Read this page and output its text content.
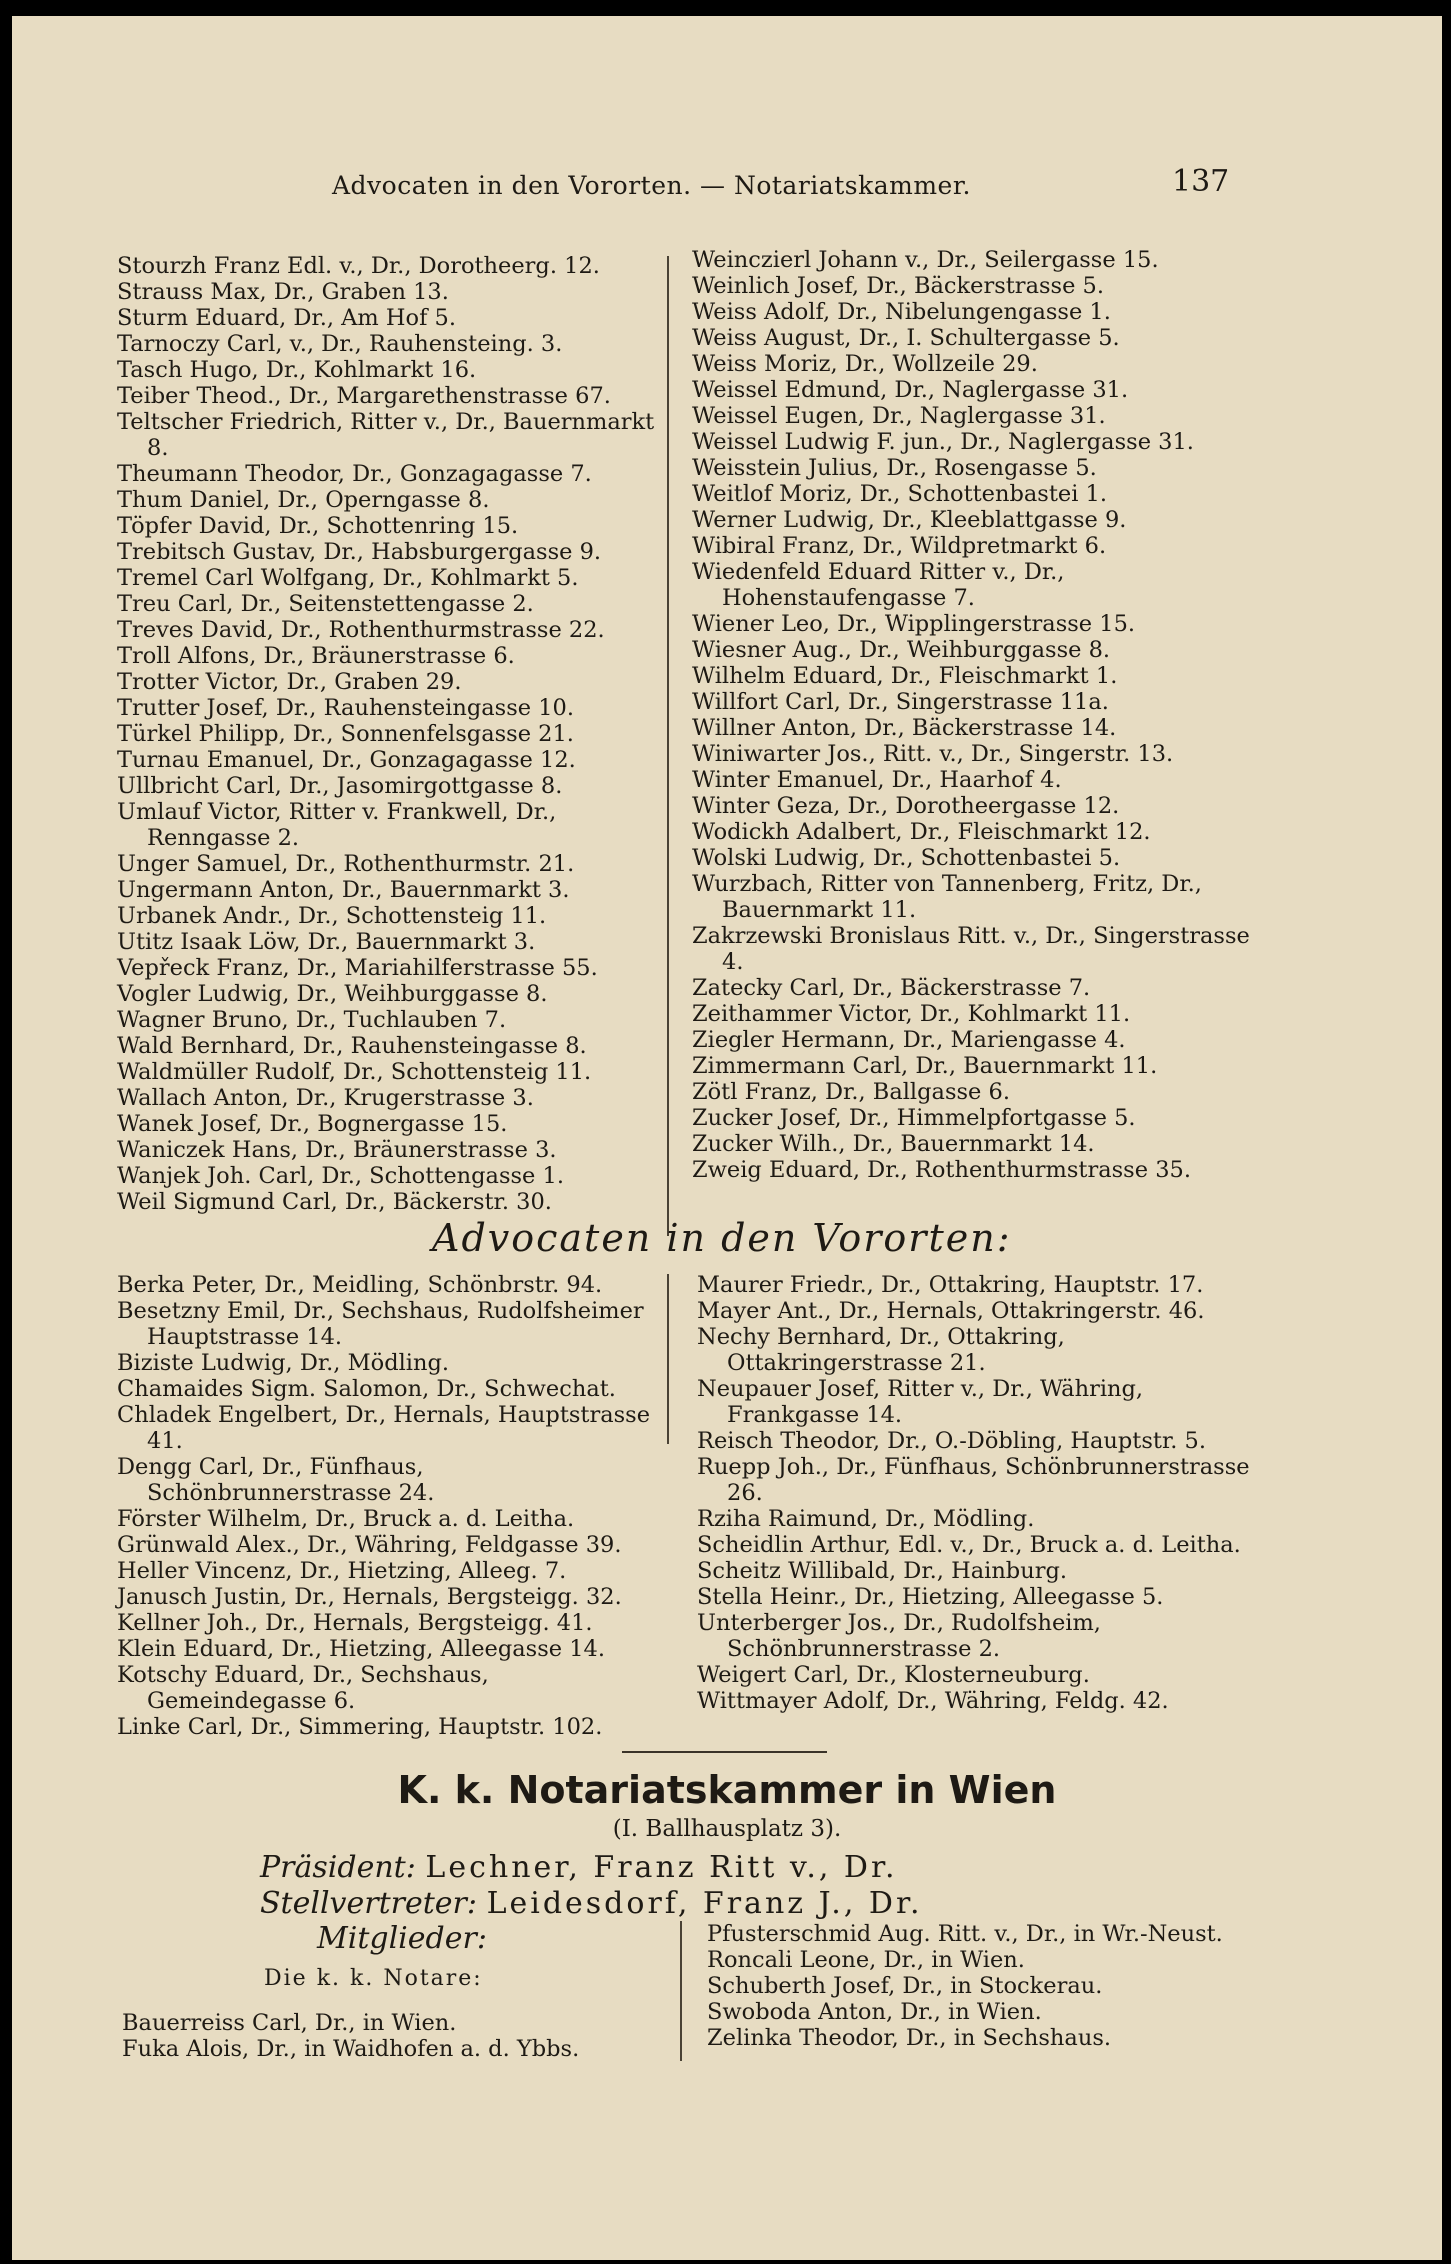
Advocaten in den Vororten. — Notariatskammer.	137
Stourzh Franz Edl. v., Dr., Dorotheerg. 12.
Strauss Max, Dr., Graben 13.
Sturm Eduard, Dr., Am Hof 5.
Tarnoczy Carl, v., Dr., Rauhensteing. 3.
Tasch Hugo, Dr., Kohlmarkt 16.
Teiber Theod., Dr., Margarethenstrasse 67.
Teltscher Friedrich, Ritter v., Dr., Bauernmarkt 8.
Theumann Theodor, Dr., Gonzagagasse 7.
Thum Daniel, Dr., Operngasse 8.
Töpfer David, Dr., Schottenring 15.
Trebitsch Gustav, Dr., Habsburgergasse 9.
Tremel Carl Wolfgang, Dr., Kohlmarkt 5.
Treu Carl, Dr., Seitenstettengasse 2.
Treves David, Dr., Rothenthurmstrasse 22.
Troll Alfons, Dr., Bräunerstrasse 6.
Trotter Victor, Dr., Graben 29.
Trutter Josef, Dr., Rauhensteingasse 10.
Türkel Philipp, Dr., Sonnenfelsgasse 21.
Turnau Emanuel, Dr., Gonzagagasse 12.
Ullbricht Carl, Dr., Jasomirgottgasse 8.
Umlauf Victor, Ritter v. Frankwell, Dr., Renngasse 2.
Unger Samuel, Dr., Rothenthurmstr. 21.
Ungermann Anton, Dr., Bauernmarkt 3.
Urbanek Andr., Dr., Schottensteig 11.
Utitz Isaak Löw, Dr., Bauernmarkt 3.
Vepřeck Franz, Dr., Mariahilferstrasse 55.
Vogler Ludwig, Dr., Weihburggasse 8.
Wagner Bruno, Dr., Tuchlauben 7.
Wald Bernhard, Dr., Rauhensteingasse 8.
Waldmüller Rudolf, Dr., Schottensteig 11.
Wallach Anton, Dr., Krugerstrasse 3.
Wanek Josef, Dr., Bognergasse 15.
Waniczek Hans, Dr., Bräunerstrasse 3.
Wanjek Joh. Carl, Dr., Schottengasse 1.
Weil Sigmund Carl, Dr., Bäckerstr. 30.
Weinczierl Johann v., Dr., Seilergasse 15.
Weinlich Josef, Dr., Bäckerstrasse 5.
Weiss Adolf, Dr., Nibelungengasse 1.
Weiss August, Dr., I. Schultergasse 5.
Weiss Moriz, Dr., Wollzeile 29.
Weissel Edmund, Dr., Naglergasse 31.
Weissel Eugen, Dr., Naglergasse 31.
Weissel Ludwig F. jun., Dr., Naglergasse 31.
Weisstein Julius, Dr., Rosengasse 5.
Weitlof Moriz, Dr., Schottenbastei 1.
Werner Ludwig, Dr., Kleeblattgasse 9.
Wibiral Franz, Dr., Wildpretmarkt 6.
Wiedenfeld Eduard Ritter v., Dr., Hohenstaufengasse 7.
Wiener Leo, Dr., Wipplingerstrasse 15.
Wiesner Aug., Dr., Weihburggasse 8.
Wilhelm Eduard, Dr., Fleischmarkt 1.
Willfort Carl, Dr., Singerstrasse 11a.
Willner Anton, Dr., Bäckerstrasse 14.
Winiwarter Jos., Ritt. v., Dr., Singerstr. 13.
Winter Emanuel, Dr., Haarhof 4.
Winter Geza, Dr., Dorotheergasse 12.
Wodickh Adalbert, Dr., Fleischmarkt 12.
Wolski Ludwig, Dr., Schottenbastei 5.
Wurzbach, Ritter von Tannenberg, Fritz, Dr., Bauernmarkt 11.
Zakrzewski Bronislaus Ritt. v., Dr., Singerstrasse 4.
Zatecky Carl, Dr., Bäckerstrasse 7.
Zeithammer Victor, Dr., Kohlmarkt 11.
Ziegler Hermann, Dr., Mariengasse 4.
Zimmermann Carl, Dr., Bauernmarkt 11.
Zötl Franz, Dr., Ballgasse 6.
Zucker Josef, Dr., Himmelpfortgasse 5.
Zucker Wilh., Dr., Bauernmarkt 14.
Zweig Eduard, Dr., Rothenthurmstrasse 35.
Advocaten in den Vororten:
Berka Peter, Dr., Meidling, Schönbrstr. 94.
Besetzny Emil, Dr., Sechshaus, Rudolfsheimer Hauptstrasse 14.
Biziste Ludwig, Dr., Mödling.
Chamaides Sigm. Salomon, Dr., Schwechat.
Chladek Engelbert, Dr., Hernals, Hauptstrasse 41.
Dengg Carl, Dr., Fünfhaus, Schönbrunnerstrasse 24.
Förster Wilhelm, Dr., Bruck a. d. Leitha.
Grünwald Alex., Dr., Währing, Feldgasse 39.
Heller Vincenz, Dr., Hietzing, Alleeg. 7.
Janusch Justin, Dr., Hernals, Bergsteigg. 32.
Kellner Joh., Dr., Hernals, Bergsteigg. 41.
Klein Eduard, Dr., Hietzing, Alleegasse 14.
Kotschy Eduard, Dr., Sechshaus, Gemeindegasse 6.
Linke Carl, Dr., Simmering, Hauptstr. 102.
Maurer Friedr., Dr., Ottakring, Hauptstr. 17.
Mayer Ant., Dr., Hernals, Ottakringerstr. 46.
Nechy Bernhard, Dr., Ottakring, Ottakringerstrasse 21.
Neupauer Josef, Ritter v., Dr., Währing, Frankgasse 14.
Reisch Theodor, Dr., O.-Döbling, Hauptstr. 5.
Ruepp Joh., Dr., Fünfhaus, Schönbrunnerstrasse 26.
Rziha Raimund, Dr., Mödling.
Scheidlin Arthur, Edl. v., Dr., Bruck a. d. Leitha.
Scheitz Willibald, Dr., Hainburg.
Stella Heinr., Dr., Hietzing, Alleegasse 5.
Unterberger Jos., Dr., Rudolfsheim, Schönbrunnerstrasse 2.
Weigert Carl, Dr., Klosterneuburg.
Wittmayer Adolf, Dr., Währing, Feldg. 42.
K. k. Notariatskammer in Wien
(I. Ballhausplatz 3).
Präsident: Lechner, Franz Ritt v., Dr.
Stellvertreter: Leidesdorf, Franz J., Dr.
Mitglieder:
Die k. k. Notare:
Bauerreiss Carl, Dr., in Wien.
Fuka Alois, Dr., in Waidhofen a. d. Ybbs.
Pfusterschmid Aug. Ritt. v., Dr., in Wr.-Neust.
Roncali Leone, Dr., in Wien.
Schuberth Josef, Dr., in Stockerau.
Swoboda Anton, Dr., in Wien.
Zelinka Theodor, Dr., in Sechshaus.
